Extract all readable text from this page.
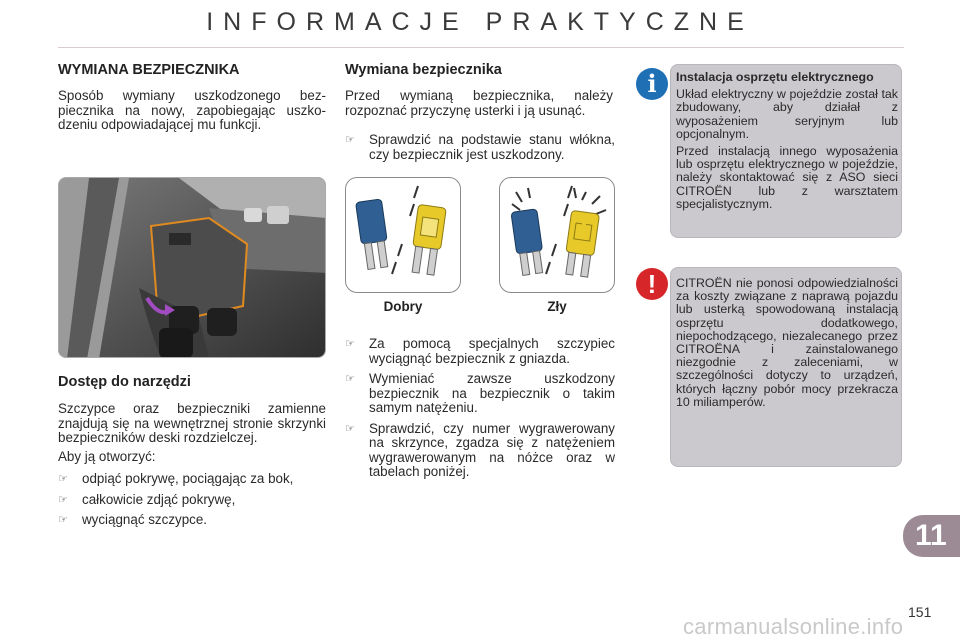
INFORMACJE PRAKTYCZNE
WYMIANA BEZPIECZNIKA

Sposób wymiany uszkodzonego bezpiecznika na nowy, zapobiegając uszkodzeniu odpowiadającej mu funkcji.

Dostęp do narzędzi

Szczypce oraz bezpieczniki zamienne znajdują się na wewnętrznej stronie skrzynki bezpieczników deski rozdzielczej.

Aby ją otworzyć:

☞ odpiąć pokrywę, pociągając za bok,
☞ całkowicie zdjąć pokrywę,
☞ wyciągnąć szczypce.
Wymiana bezpiecznika

Przed wymianą bezpiecznika, należy rozpoznać przyczynę usterki i ją usunąć.

☞ Sprawdzić na podstawie stanu włókna, czy bezpiecznik jest uszkodzony.
Dobry	Zły
☞ Za pomocą specjalnych szczypiec wyciągnąć bezpiecznik z gniazda.
☞ Wymieniać zawsze uszkodzony bezpiecznik na bezpiecznik o takim samym natężeniu.
☞ Sprawdzić, czy numer wygrawerowany na skrzynce, zgadza się z natężeniem wygrawerowanym na nóżce oraz w tabelach poniżej.
i	Instalacja osprzętu elektrycznego

Układ elektryczny w pojeździe został tak zbudowany, aby działał z wyposażeniem seryjnym lub opcjonalnym.

Przed instalacją innego wyposażenia lub osprzętu elektrycznego w pojeździe, należy skontaktować się z ASO sieci CITROËN lub z warsztatem specjalistycznym.

!	CITROËN nie ponosi odpowiedzialności za koszty związane z naprawą pojazdu lub usterką spowodowaną instalacją osprzętu dodatkowego, niepochodzącego, niezalecanego przez CITROËNA i zainstalowanego niezgodnie z zaleceniami, w szczególności dotyczy to urządzeń, których łączny pobór mocy przekracza 10 miliamperów.

11
151
carmanualsonline.info
